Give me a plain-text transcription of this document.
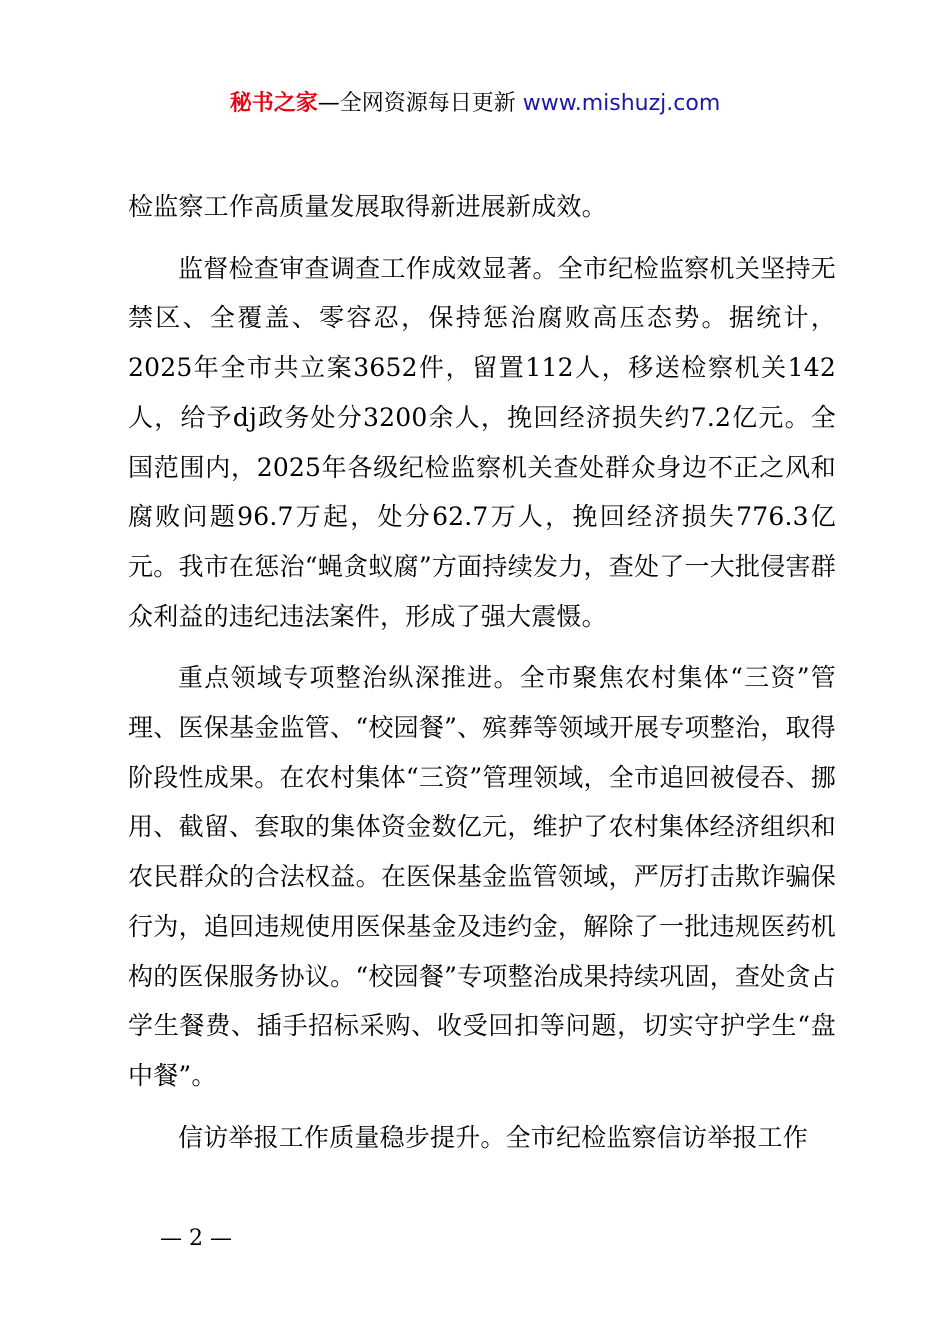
秘书之家—全网资源每日更新 www.mishuzj.com

检监察工作高质量发展取得新进展新成效。

监督检查审查调查工作成效显著。全市纪检监察机关坚持无禁区、全覆盖、零容忍，保持惩治腐败高压态势。据统计，2025年全市共立案3652件，留置112人，移送检察机关142人，给予dj政务处分3200余人，挽回经济损失约7.2亿元。全国范围内，2025年各级纪检监察机关查处群众身边不正之风和腐败问题96.7万起，处分62.7万人，挽回经济损失776.3亿元。我市在惩治“蝇贪蚁腐”方面持续发力，查处了一大批侵害群众利益的违纪违法案件，形成了强大震慑。

重点领域专项整治纵深推进。全市聚焦农村集体“三资”管理、医保基金监管、“校园餐”、殡葬等领域开展专项整治，取得阶段性成果。在农村集体“三资”管理领域，全市追回被侵吞、挪用、截留、套取的集体资金数亿元，维护了农村集体经济组织和农民群众的合法权益。在医保基金监管领域，严厉打击欺诈骗保行为，追回违规使用医保基金及违约金，解除了一批违规医药机构的医保服务协议。“校园餐”专项整治成果持续巩固，查处贪占学生餐费、插手招标采购、收受回扣等问题，切实守护学生“盘中餐”。

信访举报工作质量稳步提升。全市纪检监察信访举报工作

— 2 —
